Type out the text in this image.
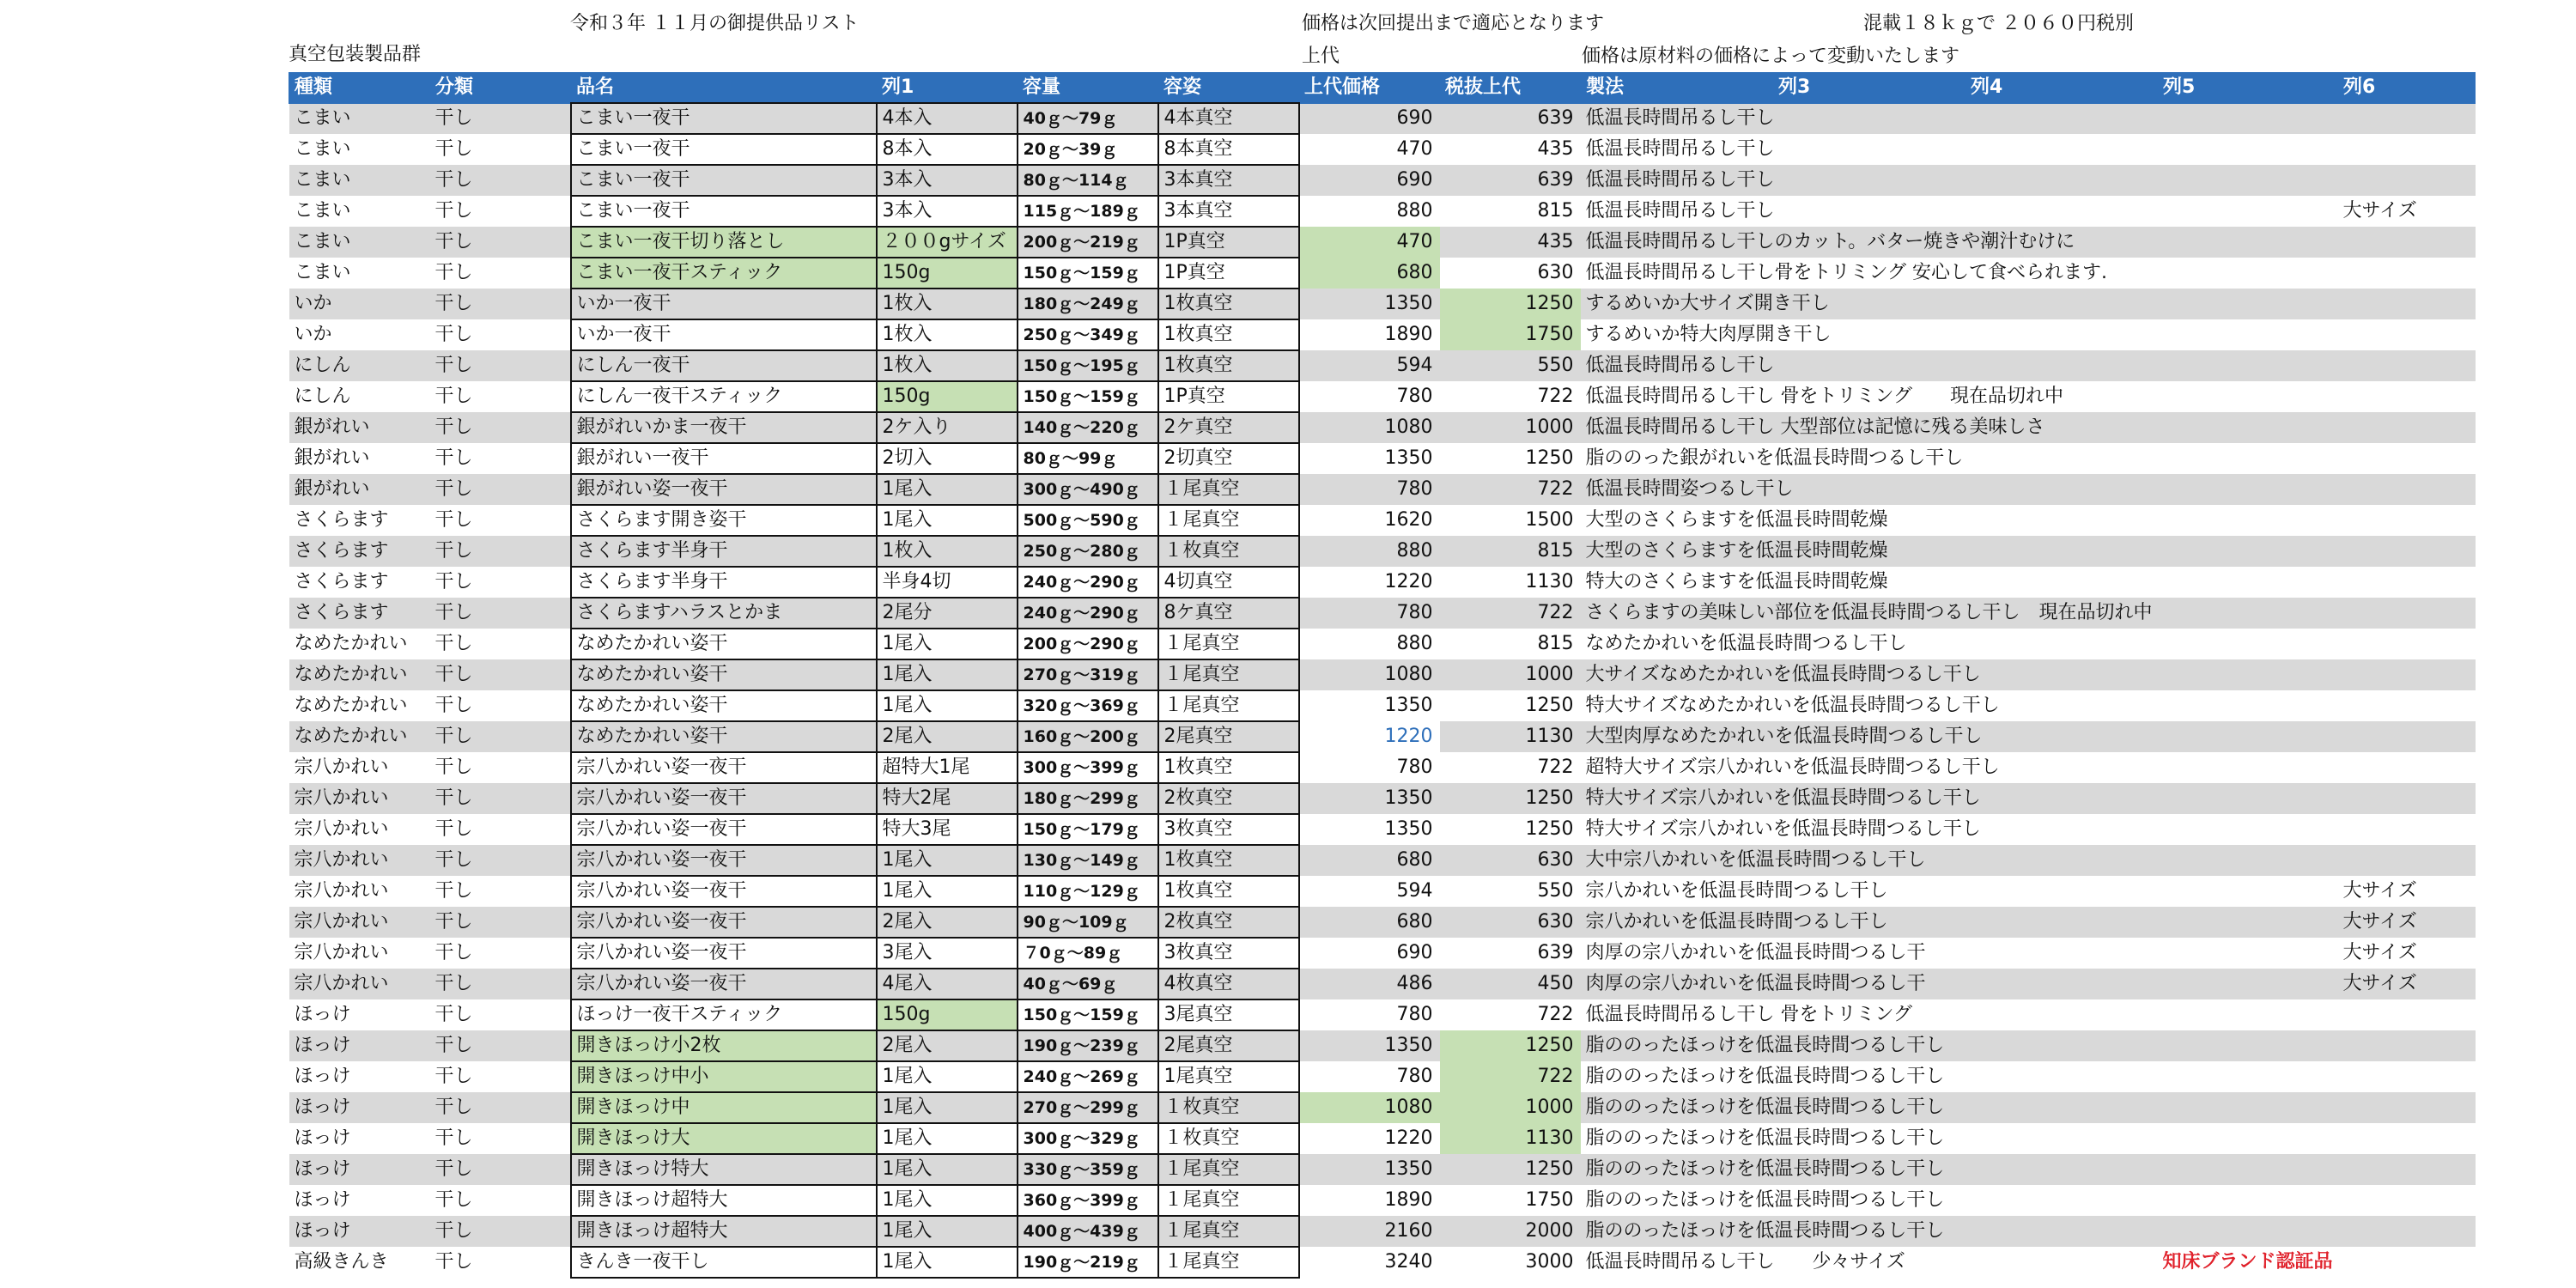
令和３年 １１月の御提供品リスト	価格は次回提出まで適応となります	混載１８ｋｇで ２０６０円税別
真空包装製品群	上代	価格は原材料の価格によって変動いたします
種類	分類	品名	列1	容量	容姿	上代価格	税抜上代	製法	列3	列4	列5	列6
こまい	干し	こまい一夜干	4本入	40ｇ～79ｇ	4本真空	690	639	低温長時間吊るし干し				
こまい	干し	こまい一夜干	8本入	20ｇ～39ｇ	8本真空	470	435	低温長時間吊るし干し				
こまい	干し	こまい一夜干	3本入	80ｇ～114ｇ	3本真空	690	639	低温長時間吊るし干し				
こまい	干し	こまい一夜干	3本入	115ｇ～189ｇ	3本真空	880	815	低温長時間吊るし干し				大サイズ
こまい	干し	こまい一夜干切り落とし	２００gサイズ	200ｇ～219ｇ	1P真空	470	435	低温長時間吊るし干しのカット。バター焼きや潮汁むけに				
こまい	干し	こまい一夜干スティック	150g	150ｇ～159ｇ	1P真空	680	630	低温長時間吊るし干し骨をトリミング 安心して食べられます.				
いか	干し	いか一夜干	1枚入	180ｇ～249ｇ	1枚真空	1350	1250	するめいか大サイズ開き干し				
いか	干し	いか一夜干	1枚入	250ｇ～349ｇ	1枚真空	1890	1750	するめいか特大肉厚開き干し				
にしん	干し	にしん一夜干	1枚入	150ｇ～195ｇ	1枚真空	594	550	低温長時間吊るし干し				
にしん	干し	にしん一夜干スティック	150g	150ｇ～159ｇ	1P真空	780	722	低温長時間吊るし干し 骨をトリミング　　現在品切れ中				
銀がれい	干し	銀がれいかま一夜干	2ケ入り	140ｇ～220ｇ	2ケ真空	1080	1000	低温長時間吊るし干し 大型部位は記憶に残る美味しさ				
銀がれい	干し	銀がれい一夜干	2切入	80ｇ～99ｇ	2切真空	1350	1250	脂ののった銀がれいを低温長時間つるし干し				
銀がれい	干し	銀がれい姿一夜干	1尾入	300ｇ～490ｇ	１尾真空	780	722	低温長時間姿つるし干し				
さくらます	干し	さくらます開き姿干	1尾入	500ｇ～590ｇ	１尾真空	1620	1500	大型のさくらますを低温長時間乾燥				
さくらます	干し	さくらます半身干	1枚入	250ｇ～280ｇ	１枚真空	880	815	大型のさくらますを低温長時間乾燥				
さくらます	干し	さくらます半身干	半身4切	240ｇ～290ｇ	4切真空	1220	1130	特大のさくらますを低温長時間乾燥				
さくらます	干し	さくらますハラスとかま	2尾分	240ｇ～290ｇ	8ケ真空	780	722	さくらますの美味しい部位を低温長時間つるし干し　現在品切れ中				
なめたかれい	干し	なめたかれい姿干	1尾入	200ｇ～290ｇ	１尾真空	880	815	なめたかれいを低温長時間つるし干し				
なめたかれい	干し	なめたかれい姿干	1尾入	270ｇ～319ｇ	１尾真空	1080	1000	大サイズなめたかれいを低温長時間つるし干し				
なめたかれい	干し	なめたかれい姿干	1尾入	320ｇ～369ｇ	１尾真空	1350	1250	特大サイズなめたかれいを低温長時間つるし干し				
なめたかれい	干し	なめたかれい姿干	2尾入	160ｇ～200ｇ	2尾真空	1220	1130	大型肉厚なめたかれいを低温長時間つるし干し				
宗八かれい	干し	宗八かれい姿一夜干	超特大1尾	300ｇ～399ｇ	1枚真空	780	722	超特大サイズ宗八かれいを低温長時間つるし干し				
宗八かれい	干し	宗八かれい姿一夜干	特大2尾	180ｇ～299ｇ	2枚真空	1350	1250	特大サイズ宗八かれいを低温長時間つるし干し				
宗八かれい	干し	宗八かれい姿一夜干	特大3尾	150ｇ～179ｇ	3枚真空	1350	1250	特大サイズ宗八かれいを低温長時間つるし干し				
宗八かれい	干し	宗八かれい姿一夜干	1尾入	130ｇ～149ｇ	1枚真空	680	630	大中宗八かれいを低温長時間つるし干し				
宗八かれい	干し	宗八かれい姿一夜干	1尾入	110ｇ～129ｇ	1枚真空	594	550	宗八かれいを低温長時間つるし干し				大サイズ
宗八かれい	干し	宗八かれい姿一夜干	2尾入	90ｇ～109ｇ	2枚真空	680	630	宗八かれいを低温長時間つるし干し				大サイズ
宗八かれい	干し	宗八かれい姿一夜干	3尾入	７0ｇ～89ｇ	3枚真空	690	639	肉厚の宗八かれいを低温長時間つるし干				大サイズ
宗八かれい	干し	宗八かれい姿一夜干	4尾入	40ｇ～69ｇ	4枚真空	486	450	肉厚の宗八かれいを低温長時間つるし干				大サイズ
ほっけ	干し	ほっけ一夜干スティック	150g	150ｇ～159ｇ	3尾真空	780	722	低温長時間吊るし干し 骨をトリミング				
ほっけ	干し	開きほっけ小2枚	2尾入	190ｇ～239ｇ	2尾真空	1350	1250	脂ののったほっけを低温長時間つるし干し				
ほっけ	干し	開きほっけ中小	1尾入	240ｇ～269ｇ	1尾真空	780	722	脂ののったほっけを低温長時間つるし干し				
ほっけ	干し	開きほっけ中	1尾入	270ｇ～299ｇ	１枚真空	1080	1000	脂ののったほっけを低温長時間つるし干し				
ほっけ	干し	開きほっけ大	1尾入	300ｇ～329ｇ	１枚真空	1220	1130	脂ののったほっけを低温長時間つるし干し				
ほっけ	干し	開きほっけ特大	1尾入	330ｇ～359ｇ	１尾真空	1350	1250	脂ののったほっけを低温長時間つるし干し				
ほっけ	干し	開きほっけ超特大	1尾入	360ｇ～399ｇ	１尾真空	1890	1750	脂ののったほっけを低温長時間つるし干し				
ほっけ	干し	開きほっけ超特大	1尾入	400ｇ～439ｇ	１尾真空	2160	2000	脂ののったほっけを低温長時間つるし干し				
高級きんき	干し	きんき一夜干し	1尾入	190ｇ～219ｇ	１尾真空	3240	3000	低温長時間吊るし干し　　少々サイズ			知床ブランド認証品	
